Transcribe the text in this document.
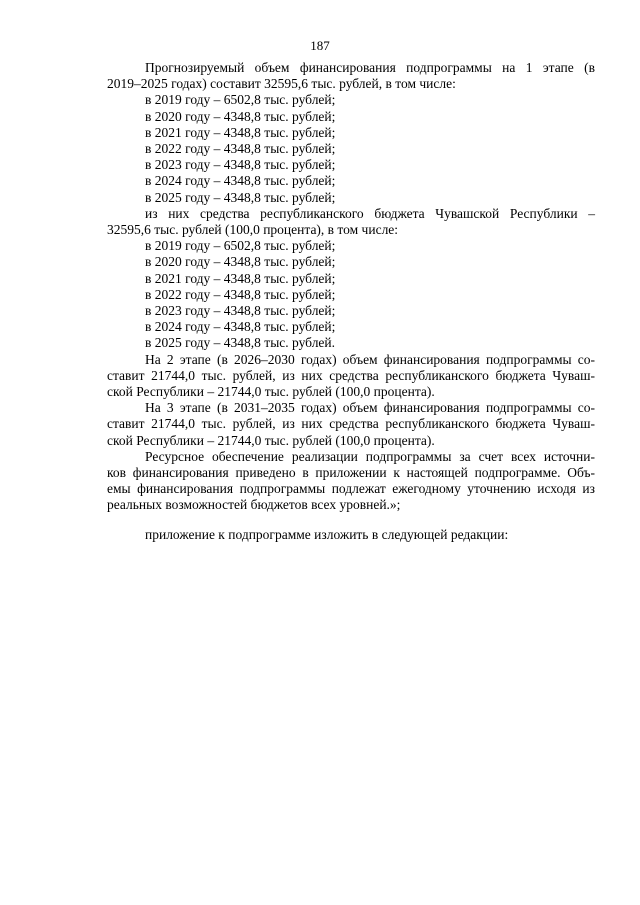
187

Прогнозируемый объем финансирования подпрограммы на 1 этапе (в

2019–2025 годах) составит 32595,6 тыс. рублей, в том числе:

в 2019 году – 6502,8 тыс. рублей;

в 2020 году – 4348,8 тыс. рублей;

в 2021 году – 4348,8 тыс. рублей;

в 2022 году – 4348,8 тыс. рублей;

в 2023 году – 4348,8 тыс. рублей;

в 2024 году – 4348,8 тыс. рублей;

в 2025 году – 4348,8 тыс. рублей;

из них средства республиканского бюджета Чувашской Республики –

32595,6 тыс. рублей (100,0 процента), в том числе:

в 2019 году – 6502,8 тыс. рублей;

в 2020 году – 4348,8 тыс. рублей;

в 2021 году – 4348,8 тыс. рублей;

в 2022 году – 4348,8 тыс. рублей;

в 2023 году – 4348,8 тыс. рублей;

в 2024 году – 4348,8 тыс. рублей;

в 2025 году – 4348,8 тыс. рублей.

На 2 этапе (в 2026–2030 годах) объем финансирования подпрограммы со-

ставит 21744,0 тыс. рублей, из них средства республиканского бюджета Чуваш-

ской Республики – 21744,0 тыс. рублей (100,0 процента).

На 3 этапе (в 2031–2035 годах) объем финансирования подпрограммы со-

ставит 21744,0 тыс. рублей, из них средства республиканского бюджета Чуваш-

ской Республики – 21744,0 тыс. рублей (100,0 процента).

Ресурсное обеспечение реализации подпрограммы за счет всех источни-

ков финансирования приведено в приложении к настоящей подпрограмме. Объ-

емы финансирования подпрограммы подлежат ежегодному уточнению исходя из

реальных возможностей бюджетов всех уровней.»;

приложение к подпрограмме изложить в следующей редакции:
